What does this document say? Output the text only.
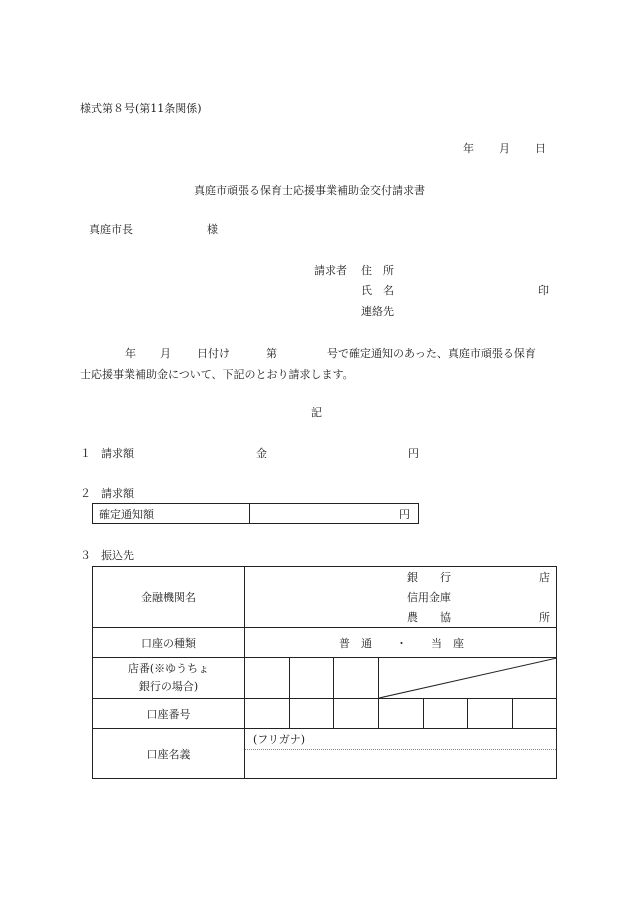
様式第８号(第11条関係)
年 月 日
真庭市頑張る保育士応援事業補助金交付請求書
真庭市長	様
請求者 住　所
氏　名	印
連絡先
年 月 日付け	第	号で確定通知のあった、真庭市頑張る保育
士応援事業補助金について、下記のとおり請求します。
記
１ 請求額	金	円
２ 請求額
確定通知額	円
３ 振込先
金融機関名	銀　　行 店
信用金庫
農　　協 所						

口座の種類	普　通 ・ 当　座						

店番(※ゆうちょ
銀行の場合)

口座番号							
口座名義	(フリガナ)						
